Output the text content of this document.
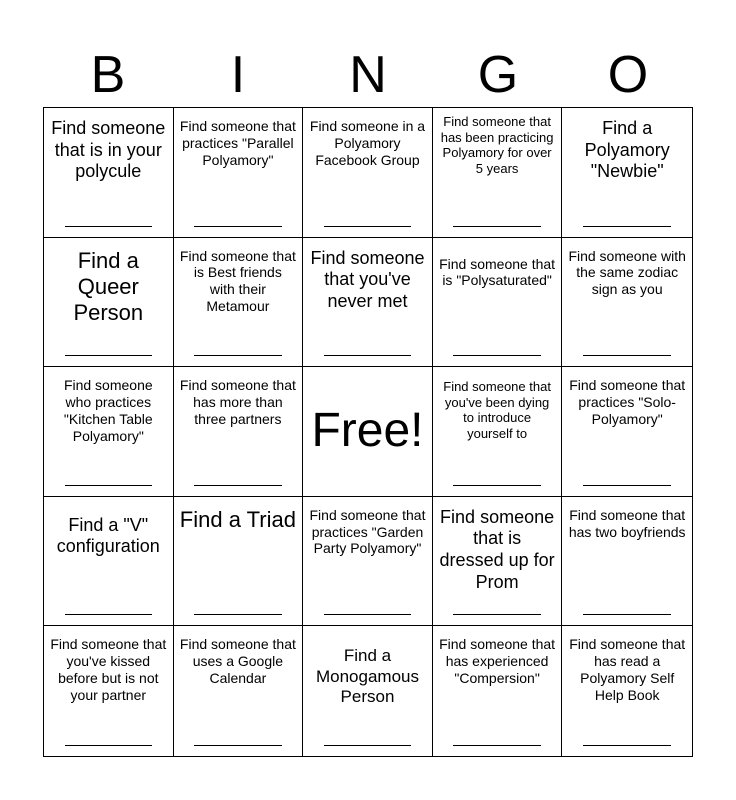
B	I	N	G	O
Find someone that is in your polycule
Find someone that practices "Parallel Polyamory"
Find someone in a Polyamory Facebook Group
Find someone that has been practicing Polyamory for over 5 years
Find a Polyamory "Newbie"
Find a Queer Person
Find someone that is Best friends with their Metamour
Find someone that you've never met
Find someone that is "Polysaturated"
Find someone with the same zodiac sign as you
Find someone who practices "Kitchen Table Polyamory"
Find someone that has more than three partners Free!
Find someone that you've been dying to introduce yourself to
Find someone that practices "Solo-Polyamory"
Find a "V" configuration
Find a Triad Find someone that practices "Garden Party Polyamory"
Find someone that is dressed up for Prom
Find someone that has two boyfriends
Find someone that you've kissed before but is not your partner
Find someone that uses a Google Calendar
Find a Monogamous Person
Find someone that has experienced "Compersion"
Find someone that has read a Polyamory Self Help Book
